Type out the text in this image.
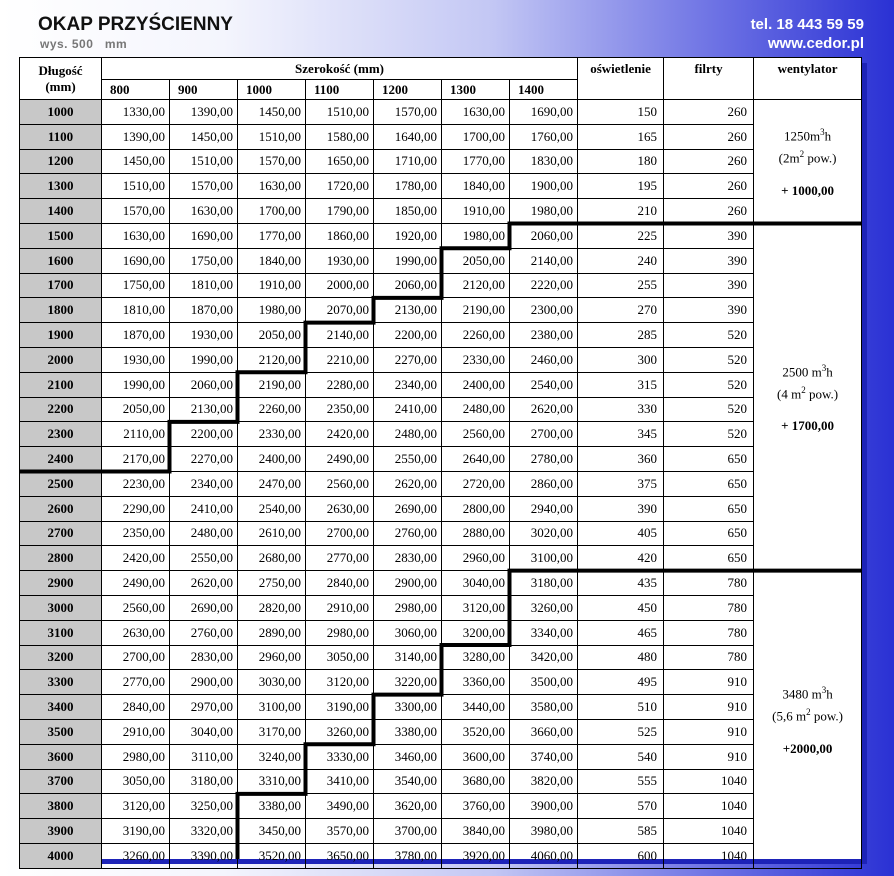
OKAP PRZYŚCIENNY
wys. 500   mm
tel. 18 443 59 59
www.cedor.pl
Długość (mm)	Szerokość (mm)							oświetlenie	filrty	wentylator
	800	900	1000	1100	1200	1300	1400			
1000	1330,00	1390,00	1450,00	1510,00	1570,00	1630,00	1690,00	150	260	$1250m^3h$
($2m^2$ pow.)
+ 1000,00

1100	1390,00	1450,00	1510,00	1580,00	1640,00	1700,00	1760,00	165	260	
1200	1450,00	1510,00	1570,00	1650,00	1710,00	1770,00	1830,00	180	260	
1300	1510,00	1570,00	1630,00	1720,00	1780,00	1840,00	1900,00	195	260	
1400	1570,00	1630,00	1700,00	1790,00	1850,00	1910,00	1980,00	210	260	
1500	1630,00	1690,00	1770,00	1860,00	1920,00	1980,00	2060,00	225	390	2500 $m^3h$
(4 $m^2$ pow.)
+ 1700,00

1600	1690,00	1750,00	1840,00	1930,00	1990,00	2050,00	2140,00	240	390	
1700	1750,00	1810,00	1910,00	2000,00	2060,00	2120,00	2220,00	255	390	
1800	1810,00	1870,00	1980,00	2070,00	2130,00	2190,00	2300,00	270	390	
1900	1870,00	1930,00	2050,00	2140,00	2200,00	2260,00	2380,00	285	520	
2000	1930,00	1990,00	2120,00	2210,00	2270,00	2330,00	2460,00	300	520	
2100	1990,00	2060,00	2190,00	2280,00	2340,00	2400,00	2540,00	315	520	
2200	2050,00	2130,00	2260,00	2350,00	2410,00	2480,00	2620,00	330	520	
2300	2110,00	2200,00	2330,00	2420,00	2480,00	2560,00	2700,00	345	520	
2400	2170,00	2270,00	2400,00	2490,00	2550,00	2640,00	2780,00	360	650	
2500	2230,00	2340,00	2470,00	2560,00	2620,00	2720,00	2860,00	375	650	
2600	2290,00	2410,00	2540,00	2630,00	2690,00	2800,00	2940,00	390	650	
2700	2350,00	2480,00	2610,00	2700,00	2760,00	2880,00	3020,00	405	650	
2800	2420,00	2550,00	2680,00	2770,00	2830,00	2960,00	3100,00	420	650	
2900	2490,00	2620,00	2750,00	2840,00	2900,00	3040,00	3180,00	435	780	3480 $m^3h$
(5,6 $m^2$ pow.)
+2000,00

3000	2560,00	2690,00	2820,00	2910,00	2980,00	3120,00	3260,00	450	780	
3100	2630,00	2760,00	2890,00	2980,00	3060,00	3200,00	3340,00	465	780	
3200	2700,00	2830,00	2960,00	3050,00	3140,00	3280,00	3420,00	480	780	
3300	2770,00	2900,00	3030,00	3120,00	3220,00	3360,00	3500,00	495	910	
3400	2840,00	2970,00	3100,00	3190,00	3300,00	3440,00	3580,00	510	910	
3500	2910,00	3040,00	3170,00	3260,00	3380,00	3520,00	3660,00	525	910	
3600	2980,00	3110,00	3240,00	3330,00	3460,00	3600,00	3740,00	540	910	
3700	3050,00	3180,00	3310,00	3410,00	3540,00	3680,00	3820,00	555	1040	
3800	3120,00	3250,00	3380,00	3490,00	3620,00	3760,00	3900,00	570	1040	
3900	3190,00	3320,00	3450,00	3570,00	3700,00	3840,00	3980,00	585	1040	
4000	3260,00	3390,00	3520,00	3650,00	3780,00	3920,00	4060,00	600	1040	
